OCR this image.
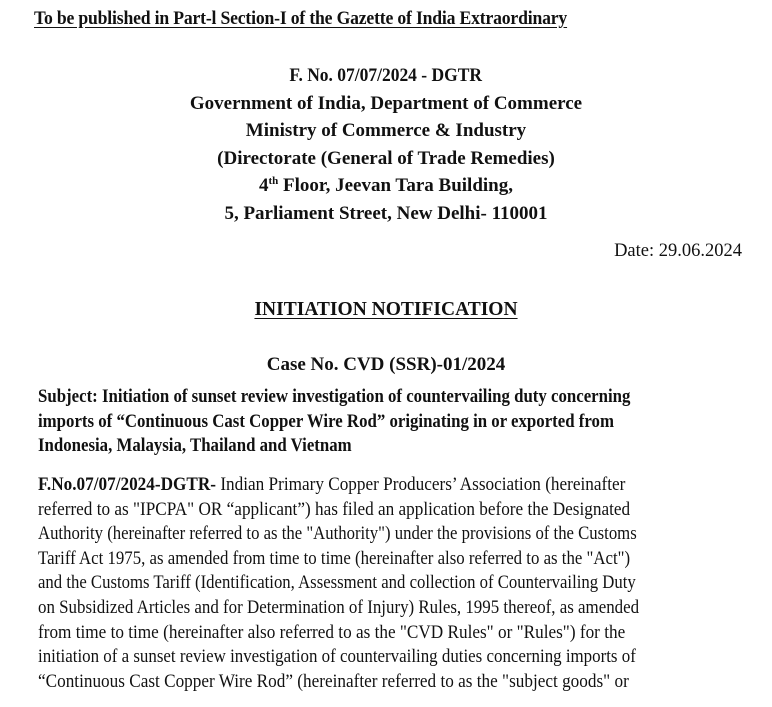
To be published in Part-l Section-I of the Gazette of India Extraordinary
F. No. 07/07/2024 - DGTR
Government of India, Department of Commerce
Ministry of Commerce & Industry
(Directorate (General of Trade Remedies)
4th Floor, Jeevan Tara Building,
5, Parliament Street, New Delhi- 110001
Date: 29.06.2024
INITIATION NOTIFICATION
Case No. CVD (SSR)-01/2024
Subject: Initiation of sunset review investigation of countervailing duty concerning
imports of “Continuous Cast Copper Wire Rod” originating in or exported from
Indonesia, Malaysia, Thailand and Vietnam
F.No.07/07/2024-DGTR- Indian Primary Copper Producers’ Association (hereinafter
referred to as "IPCPA" OR “applicant”) has filed an application before the Designated
Authority (hereinafter referred to as the "Authority") under the provisions of the Customs
Tariff Act 1975, as amended from time to time (hereinafter also referred to as the "Act")
and the Customs Tariff (Identification, Assessment and collection of Countervailing Duty
on Subsidized Articles and for Determination of Injury) Rules, 1995 thereof, as amended
from time to time (hereinafter also referred to as the "CVD Rules" or "Rules") for the
initiation of a sunset review investigation of countervailing duties concerning imports of
“Continuous Cast Copper Wire Rod” (hereinafter referred to as the "subject goods" or
